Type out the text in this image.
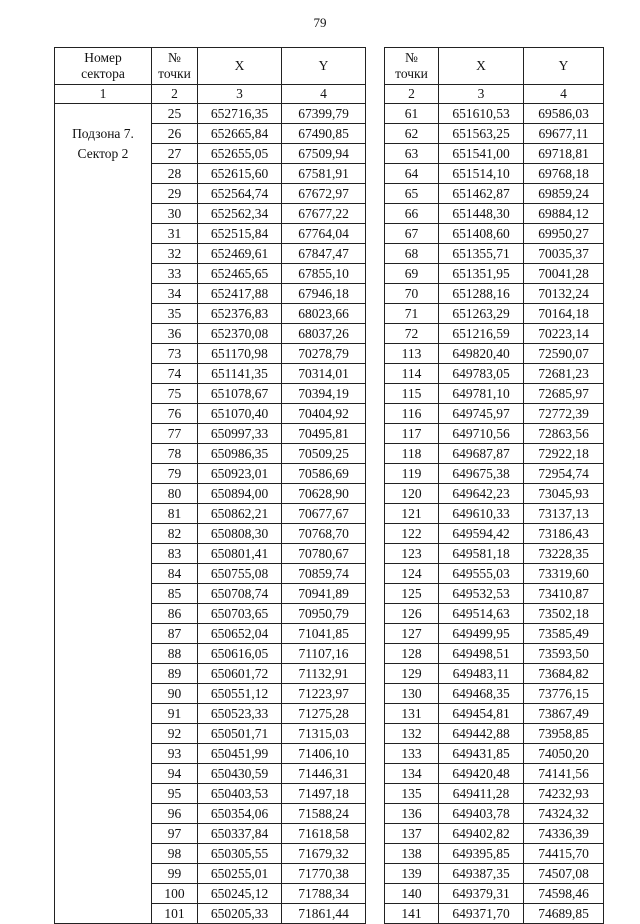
79
Номер
сектора	№
точки	X	Y
1	2	3	4

Подзона 7.
Сектор 2	25	652716,35	67399,79
	26	652665,84	67490,85
	27	652655,05	67509,94
	28	652615,60	67581,91
	29	652564,74	67672,97
	30	652562,34	67677,22
	31	652515,84	67764,04
	32	652469,61	67847,47
	33	652465,65	67855,10
	34	652417,88	67946,18
	35	652376,83	68023,66
	36	652370,08	68037,26
	73	651170,98	70278,79
	74	651141,35	70314,01
	75	651078,67	70394,19
	76	651070,40	70404,92
	77	650997,33	70495,81
	78	650986,35	70509,25
	79	650923,01	70586,69
	80	650894,00	70628,90
	81	650862,21	70677,67
	82	650808,30	70768,70
	83	650801,41	70780,67
	84	650755,08	70859,74
	85	650708,74	70941,89
	86	650703,65	70950,79
	87	650652,04	71041,85
	88	650616,05	71107,16
	89	650601,72	71132,91
	90	650551,12	71223,97
	91	650523,33	71275,28
	92	650501,71	71315,03
	93	650451,99	71406,10
	94	650430,59	71446,31
	95	650403,53	71497,18
	96	650354,06	71588,24
	97	650337,84	71618,58
	98	650305,55	71679,32
	99	650255,01	71770,38
	100	650245,12	71788,34
	101	650205,33	71861,44
№
точки	X	Y
2	3	4
61	651610,53	69586,03
62	651563,25	69677,11
63	651541,00	69718,81
64	651514,10	69768,18
65	651462,87	69859,24
66	651448,30	69884,12
67	651408,60	69950,27
68	651355,71	70035,37
69	651351,95	70041,28
70	651288,16	70132,24
71	651263,29	70164,18
72	651216,59	70223,14
113	649820,40	72590,07
114	649783,05	72681,23
115	649781,10	72685,97
116	649745,97	72772,39
117	649710,56	72863,56
118	649687,87	72922,18
119	649675,38	72954,74
120	649642,23	73045,93
121	649610,33	73137,13
122	649594,42	73186,43
123	649581,18	73228,35
124	649555,03	73319,60
125	649532,53	73410,87
126	649514,63	73502,18
127	649499,95	73585,49
128	649498,51	73593,50
129	649483,11	73684,82
130	649468,35	73776,15
131	649454,81	73867,49
132	649442,88	73958,85
133	649431,85	74050,20
134	649420,48	74141,56
135	649411,28	74232,93
136	649403,78	74324,32
137	649402,82	74336,39
138	649395,85	74415,70
139	649387,35	74507,08
140	649379,31	74598,46
141	649371,70	74689,85
